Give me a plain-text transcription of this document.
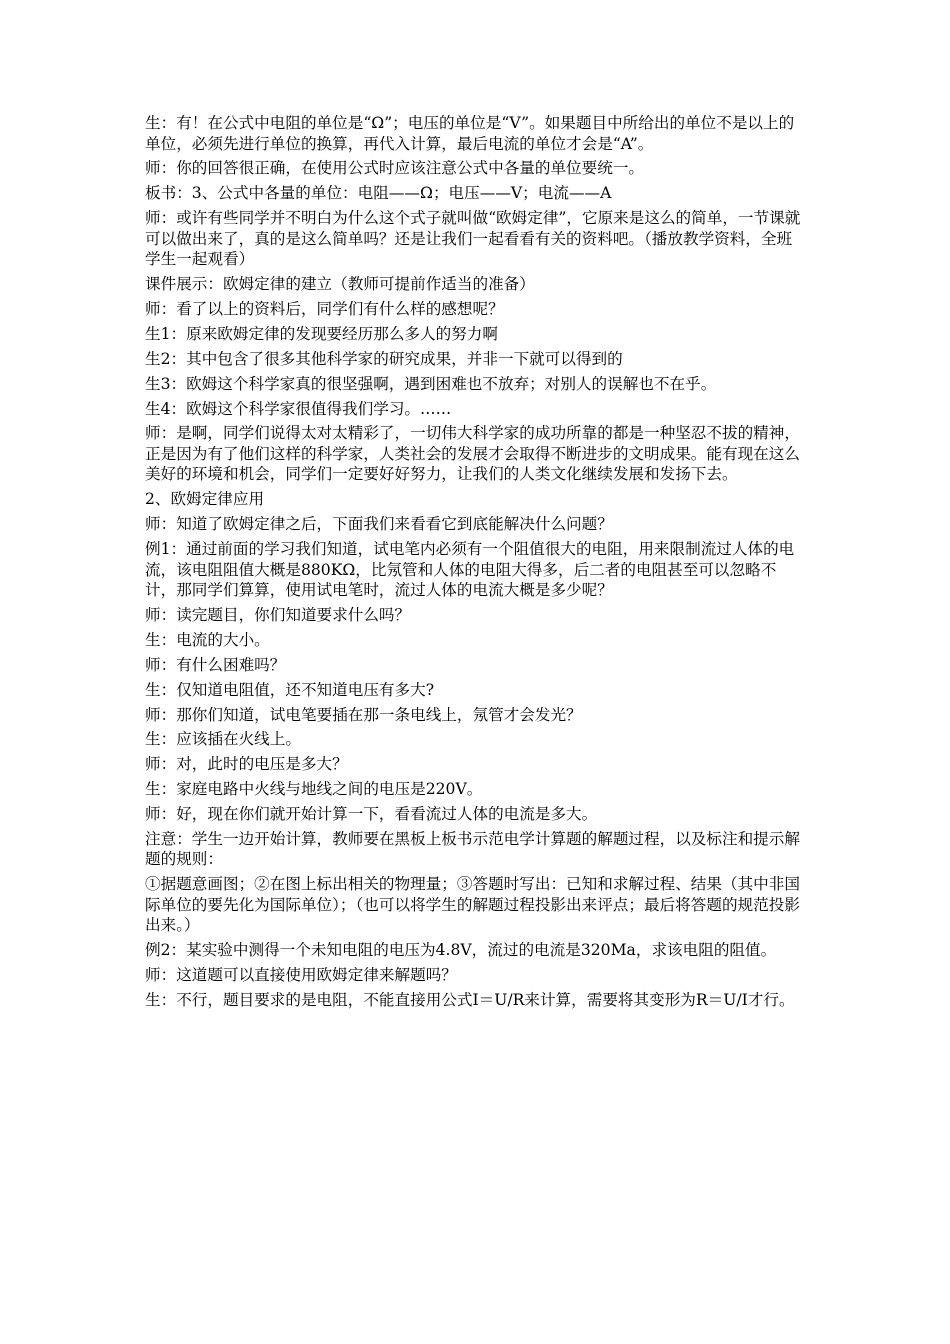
生：有！在公式中电阻的单位是“Ω”；电压的单位是“V”。如果题目中所给出的单位不是以上的单位，必须先进行单位的换算，再代入计算，最后电流的单位才会是“A”。

师：你的回答很正确，在使用公式时应该注意公式中各量的单位要统一。

板书：3、公式中各量的单位：电阻——Ω；电压——V；电流——A

师：或许有些同学并不明白为什么这个式子就叫做“欧姆定律”，它原来是这么的简单，一节课就可以做出来了，真的是这么简单吗？还是让我们一起看看有关的资料吧。（播放教学资料，全班学生一起观看）

课件展示：欧姆定律的建立（教师可提前作适当的准备）

师：看了以上的资料后，同学们有什么样的感想呢？

生1：原来欧姆定律的发现要经历那么多人的努力啊

生2：其中包含了很多其他科学家的研究成果，并非一下就可以得到的

生3：欧姆这个科学家真的很坚强啊，遇到困难也不放弃；对别人的误解也不在乎。

生4：欧姆这个科学家很值得我们学习。……

师：是啊，同学们说得太对太精彩了，一切伟大科学家的成功所靠的都是一种坚忍不拔的精神，正是因为有了他们这样的科学家，人类社会的发展才会取得不断进步的文明成果。能有现在这么美好的环境和机会，同学们一定要好好努力，让我们的人类文化继续发展和发扬下去。

2、欧姆定律应用

师：知道了欧姆定律之后，下面我们来看看它到底能解决什么问题？

例1：通过前面的学习我们知道，试电笔内必须有一个阻值很大的电阻，用来限制流过人体的电流，该电阻阻值大概是880KΩ，比氖管和人体的电阻大得多，后二者的电阻甚至可以忽略不计，那同学们算算，使用试电笔时，流过人体的电流大概是多少呢？

师：读完题目，你们知道要求什么吗？

生：电流的大小。

师：有什么困难吗？

生：仅知道电阻值，还不知道电压有多大?

师：那你们知道，试电笔要插在那一条电线上，氖管才会发光？

生：应该插在火线上。

师：对，此时的电压是多大？

生：家庭电路中火线与地线之间的电压是220V。

师：好，现在你们就开始计算一下，看看流过人体的电流是多大。

注意：学生一边开始计算，教师要在黑板上板书示范电学计算题的解题过程，以及标注和提示解题的规则：

①据题意画图；②在图上标出相关的物理量；③答题时写出：已知和求解过程、结果（其中非国际单位的要先化为国际单位）；（也可以将学生的解题过程投影出来评点；最后将答题的规范投影出来。）

例2：某实验中测得一个未知电阻的电压为4.8V，流过的电流是320Ma，求该电阻的阻值。

师：这道题可以直接使用欧姆定律来解题吗？

生：不行，题目要求的是电阻，不能直接用公式I＝U/R来计算，需要将其变形为R＝U/I才行。
